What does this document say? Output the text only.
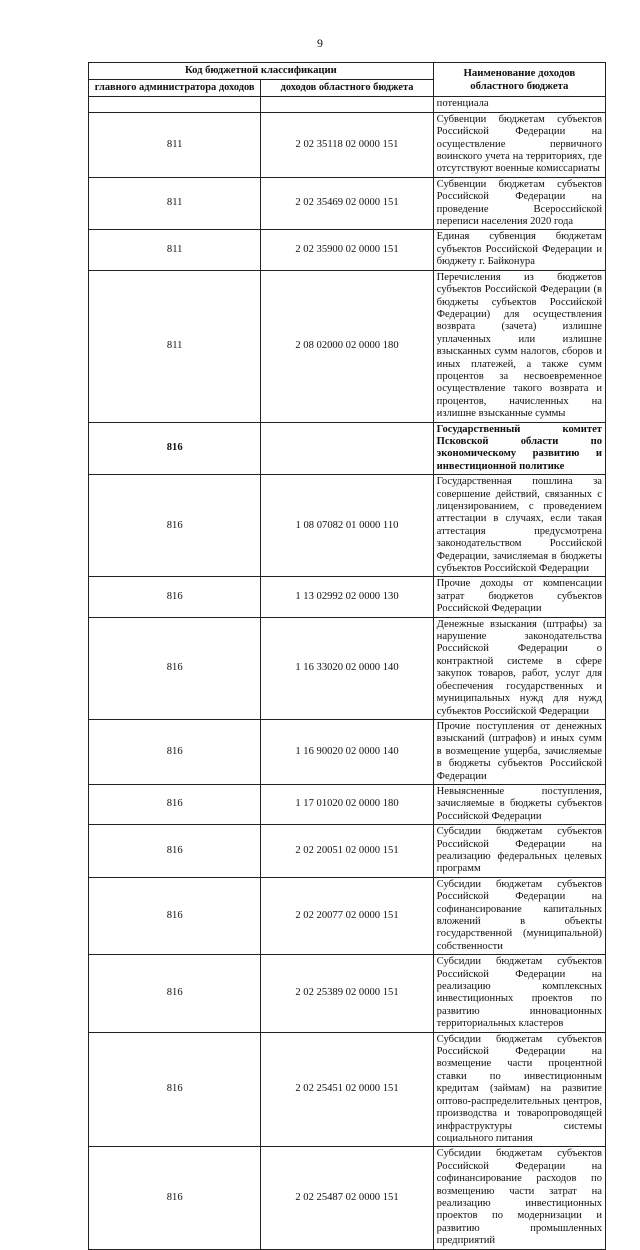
9
Код бюджетной классификации		Наименование доходов областного бюджета
главного администратора доходов	доходов областного бюджета	
		потенциала
811	2 02 35118 02 0000 151	Субвенции бюджетам субъектов Российской Федерации на осуществление первичного воинского учета на территориях, где отсутствуют военные комиссариаты
811	2 02 35469 02 0000 151	Субвенции бюджетам субъектов Российской Федерации на проведение Всероссийской переписи населения 2020 года
811	2 02 35900 02 0000 151	Единая субвенция бюджетам субъектов Российской Федерации и бюджету г. Байконура
811	2 08 02000 02 0000 180	Перечисления из бюджетов субъектов Российской Федерации (в бюджеты субъектов Российской Федерации) для осуществления возврата (зачета) излишне уплаченных или излишне взысканных сумм налогов, сборов и иных платежей, а также сумм процентов за несвоевременное осуществление такого возврата и процентов, начисленных на излишне взысканные суммы
816		Государственный комитет Псковской области по экономическому развитию и инвестиционной политике
816	1 08 07082 01 0000 110	Государственная пошлина за совершение действий, связанных с лицензированием, с проведением аттестации в случаях, если такая аттестация предусмотрена законодательством Российской Федерации, зачисляемая в бюджеты субъектов Российской Федерации
816	1 13 02992 02 0000 130	Прочие доходы от компенсации затрат бюджетов субъектов Российской Федерации
816	1 16 33020 02 0000 140	Денежные взыскания (штрафы) за нарушение законодательства Российской Федерации о контрактной системе в сфере закупок товаров, работ, услуг для обеспечения государственных и муниципальных нужд для нужд субъектов Российской Федерации
816	1 16 90020 02 0000 140	Прочие поступления от денежных взысканий (штрафов) и иных сумм в возмещение ущерба, зачисляемые в бюджеты субъектов Российской Федерации
816	1 17 01020 02 0000 180	Невыясненные поступления, зачисляемые в бюджеты субъектов Российской Федерации
816	2 02 20051 02 0000 151	Субсидии бюджетам субъектов Российской Федерации на реализацию федеральных целевых программ
816	2 02 20077 02 0000 151	Субсидии бюджетам субъектов Российской Федерации на софинансирование капитальных вложений в объекты государственной (муниципальной) собственности
816	2 02 25389 02 0000 151	Субсидии бюджетам субъектов Российской Федерации на реализацию комплексных инвестиционных проектов по развитию инновационных территориальных кластеров
816	2 02 25451 02 0000 151	Субсидии бюджетам субъектов Российской Федерации на возмещение части процентной ставки по инвестиционным кредитам (займам) на развитие оптово-распределительных центров, производства и товаропроводящей инфраструктуры системы социального питания
816	2 02 25487 02 0000 151	Субсидии бюджетам субъектов Российской Федерации на софинансирование расходов по возмещению части затрат на реализацию инвестиционных проектов по модернизации и развитию промышленных предприятий
